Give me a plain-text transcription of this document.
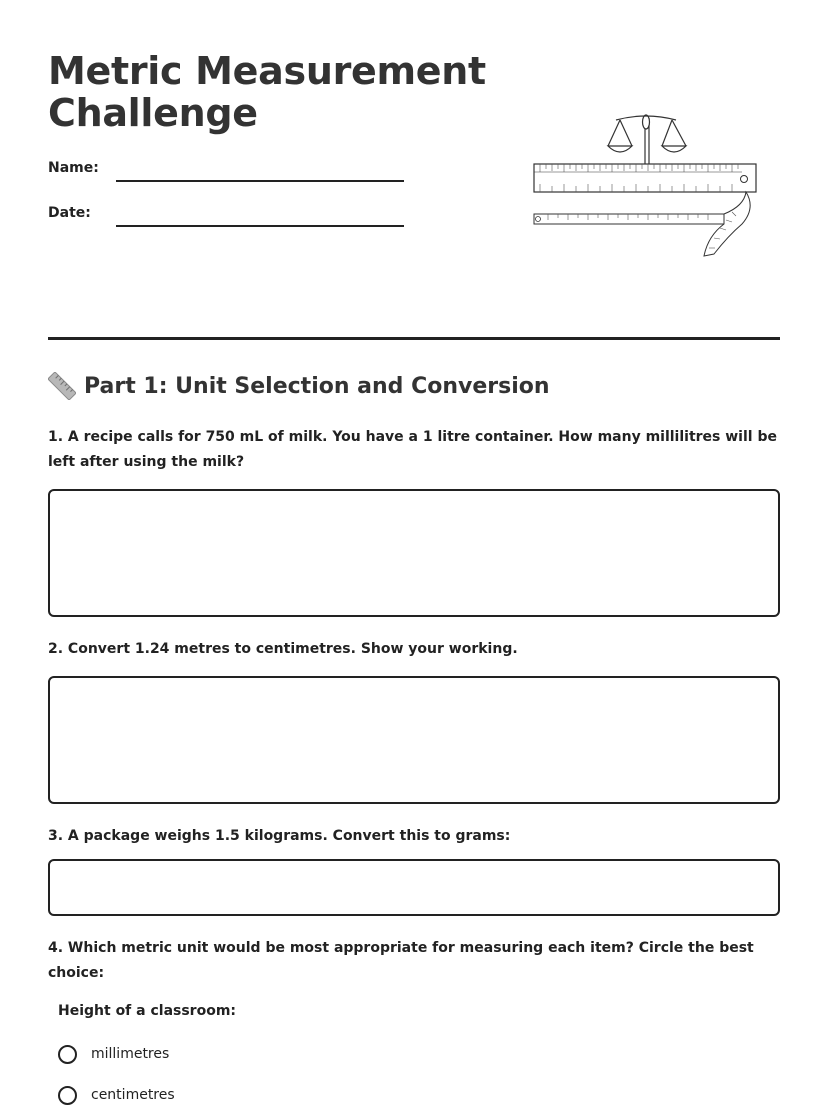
Metric Measurement Challenge
Name:
Date:
Part 1: Unit Selection and Conversion

1. A recipe calls for 750 mL of milk. You have a 1 litre container. How many millilitres will be left after using the milk?

2. Convert 1.24 metres to centimetres. Show your working.

3. A package weighs 1.5 kilograms. Convert this to grams:

4. Which metric unit would be most appropriate for measuring each item? Circle the best choice:

Height of a classroom:
millimetres
centimetres
